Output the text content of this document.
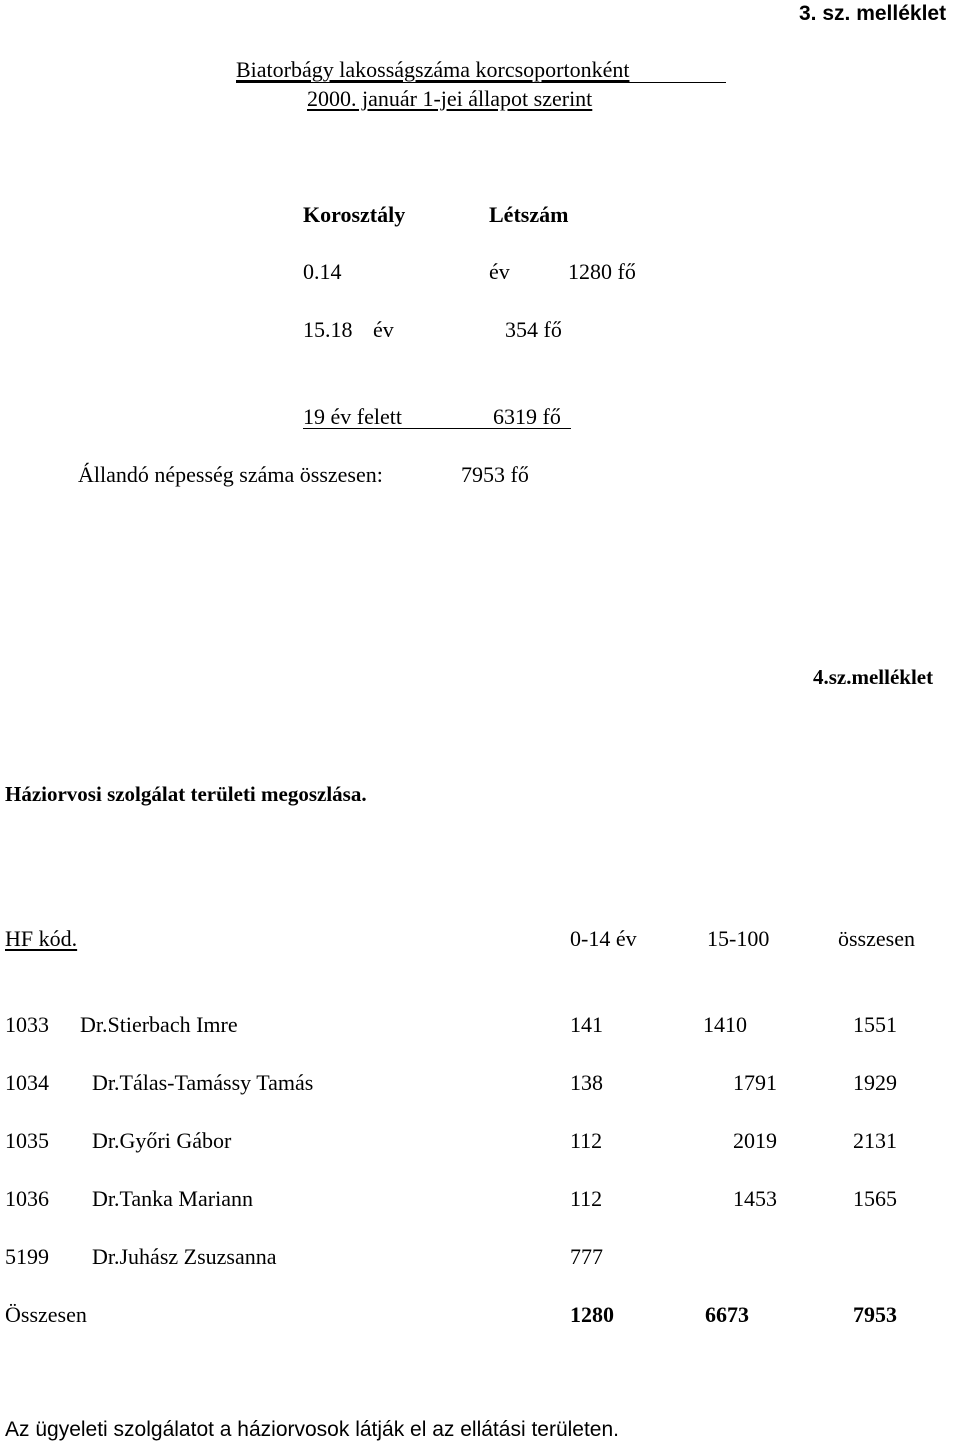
3. sz. melléklet
Biatorbágy lakosságszáma korcsoportonként
2000. január 1-jei állapot szerint
Korosztály	Létszám
0.14	év	1280 fő
15.18 év	354 fő
19 év felett	6319 fő
Állandó népesség száma összesen:	7953 fő
4.sz.melléklet
Háziorvosi szolgálat területi megoszlása.
HF kód.	0-14 év	15-100	összesen
1033 Dr.Stierbach Imre	141	1410	1551
1034 Dr.Tálas-Tamássy Tamás	138	1791	1929
1035 Dr.Győri Gábor	112	2019	2131
1036 Dr.Tanka Mariann	112	1453	1565
5199 Dr.Juhász Zsuzsanna	777
Összesen	1280	6673	7953
Az ügyeleti szolgálatot a háziorvosok látják el az ellátási területen.
